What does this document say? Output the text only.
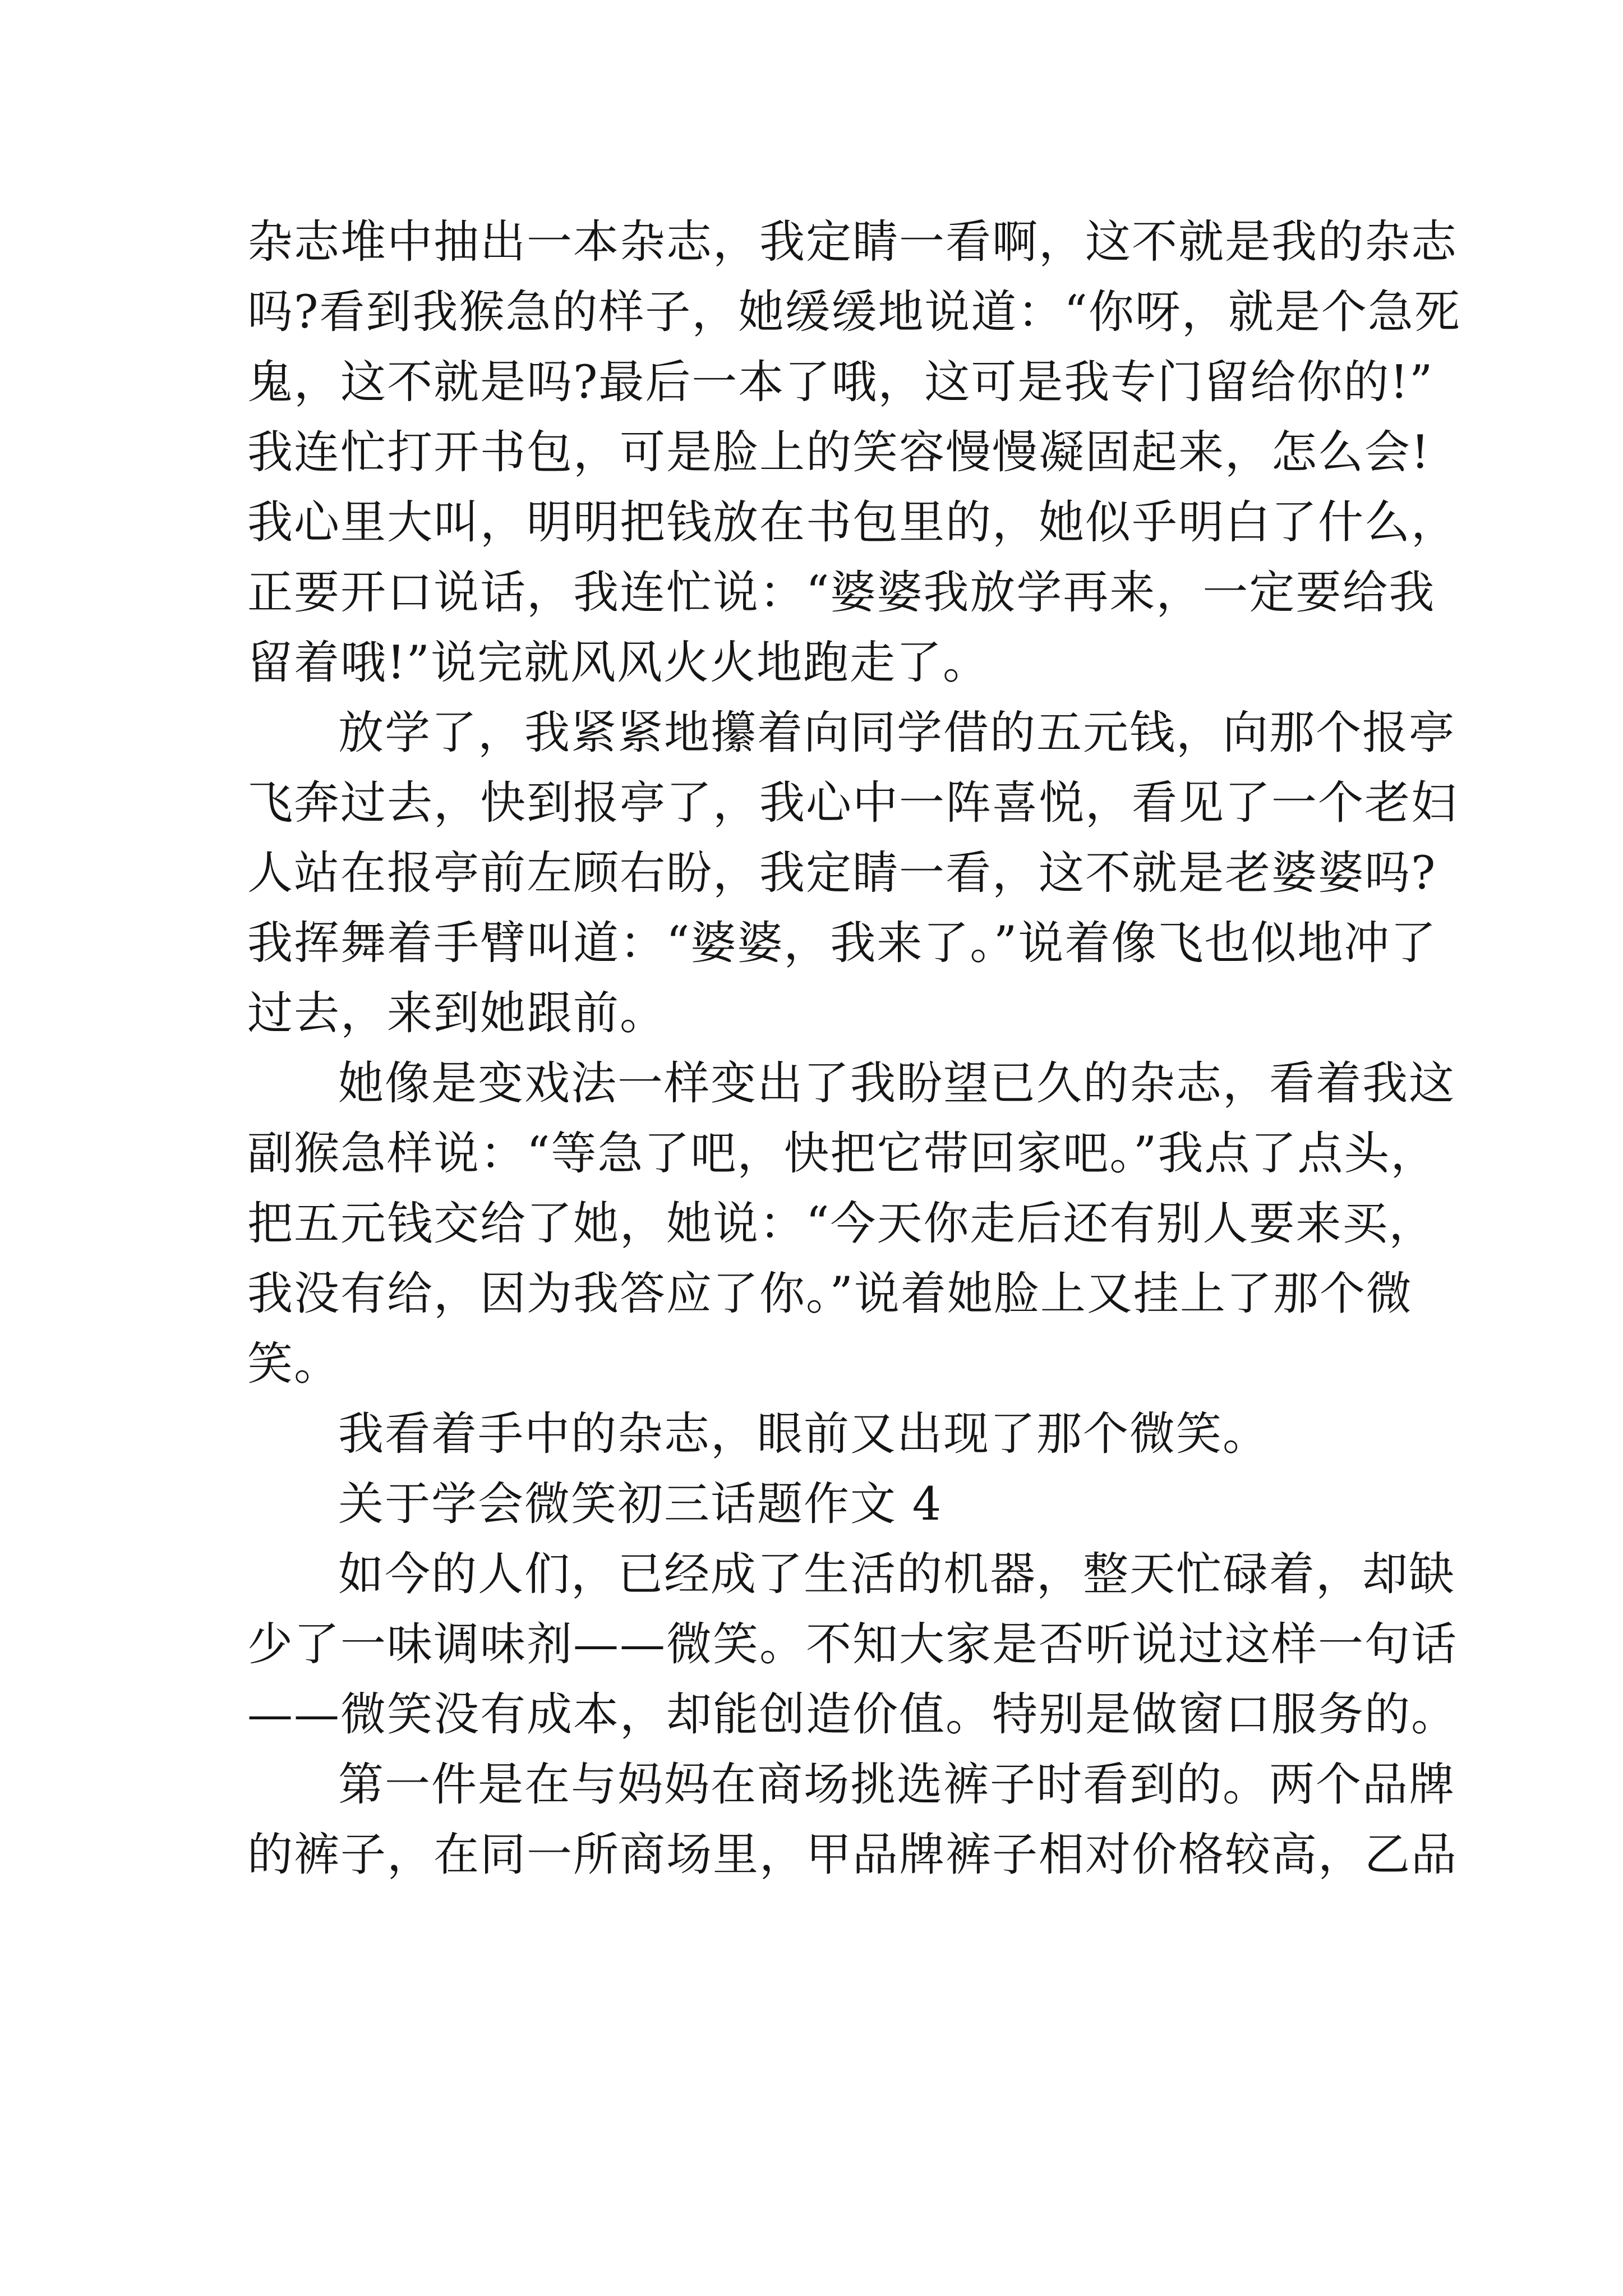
杂志堆中抽出一本杂志，我定睛一看啊，这不就是我的杂志
吗?看到我猴急的样子，她缓缓地说道：“你呀，就是个急死
鬼，这不就是吗?最后一本了哦，这可是我专门留给你的!”
我连忙打开书包，可是脸上的笑容慢慢凝固起来，怎么会!
我心里大叫，明明把钱放在书包里的，她似乎明白了什么，
正要开口说话，我连忙说：“婆婆我放学再来，一定要给我
留着哦!”说完就风风火火地跑走了。

放学了，我紧紧地攥着向同学借的五元钱，向那个报亭
飞奔过去，快到报亭了，我心中一阵喜悦，看见了一个老妇
人站在报亭前左顾右盼，我定睛一看，这不就是老婆婆吗?
我挥舞着手臂叫道：“婆婆，我来了。”说着像飞也似地冲了
过去，来到她跟前。

她像是变戏法一样变出了我盼望已久的杂志，看着我这
副猴急样说：“等急了吧，快把它带回家吧。”我点了点头，
把五元钱交给了她，她说：“今天你走后还有别人要来买，
我没有给，因为我答应了你。”说着她脸上又挂上了那个微
笑。

我看着手中的杂志，眼前又出现了那个微笑。

关于学会微笑初三话题作文 4

如今的人们，已经成了生活的机器，整天忙碌着，却缺
少了一味调味剂——微笑。不知大家是否听说过这样一句话
——微笑没有成本，却能创造价值。特别是做窗口服务的。

第一件是在与妈妈在商场挑选裤子时看到的。两个品牌
的裤子，在同一所商场里，甲品牌裤子相对价格较高，乙品
